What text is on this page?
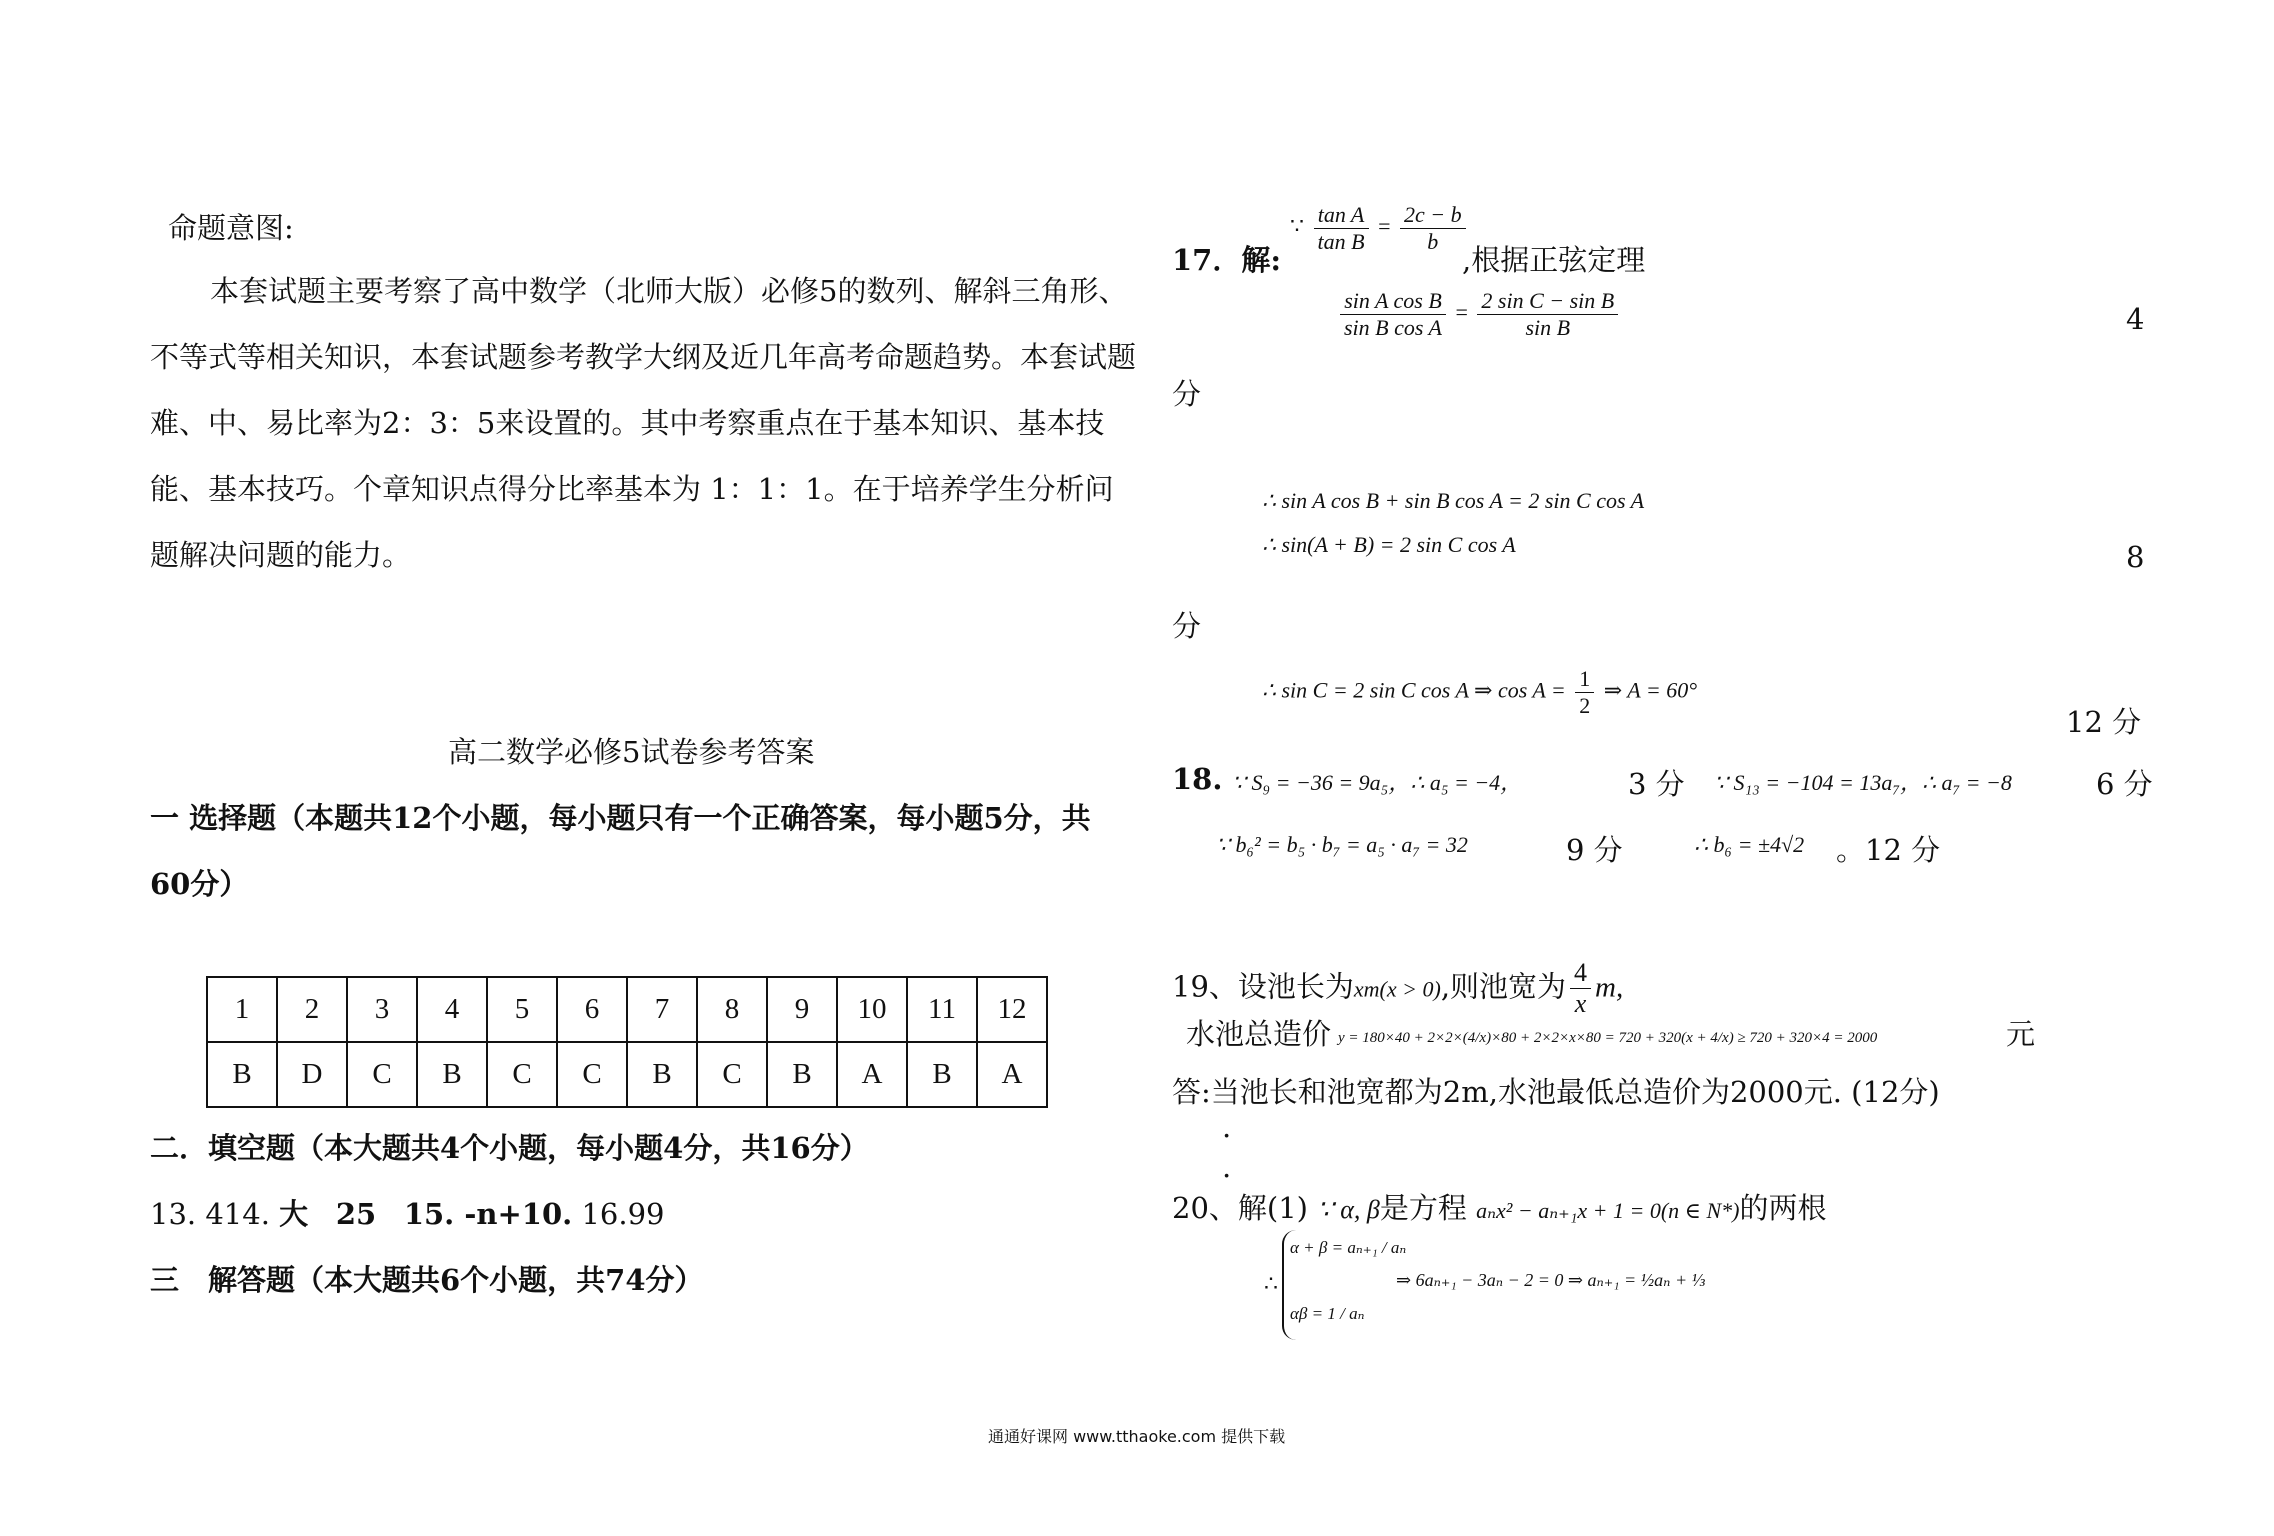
命题意图:
本套试题主要考察了高中数学（北师大版）必修5的数列、解斜三角形、不等式等相关知识，本套试题参考教学大纲及近几年高考命题趋势。本套试题难、中、易比率为2：3：5来设置的。其中考察重点在于基本知识、基本技能、基本技巧。个章知识点得分比率基本为 1：1：1。在于培养学生分析问题解决问题的能力。
高二数学必修5试卷参考答案
一 选择题（本题共12个小题，每小题只有一个正确答案，每小题5分，共
60分）
1	2	3	4	5	6	7	8	9	10	11	12
B	D	C	B	C	C	B	C	B	A	B	A
二．填空题（本大题共4个小题，每小题4分，共16分）
13. 414. 大 25 15. -n+10. 16.99
三　解答题（本大题共6个小题，共74分）
17．解:
∵ $\frac{\text{tan A}}{\text{tan B}} = \frac{2c - b}{b}$
,根据正弦定理
$\frac{\text{sin A cos B}}{\text{sin B cos A}} = \frac{\text{2 sin C − sin B}}{\text{sin B}}$	4
分
∴ sin A cos B + sin B cos A = 2 sin C cos A
∴ sin(A + B) = 2 sin C cos A	8
分
∴ sin C = 2 sin C cos A ⇒ $\cos A = \frac{1}{2}$ ⇒ A = 60°
12 分
18. ∵ S₉ = −36 = 9a₅，∴ a₅ = −4，	3 分 ∵ S₁₃ = −104 = 13a₇，∴ a₇ = −8	6 分
∵ b₆² = b₅ · b₇ = a₅ · a₇ = 32	9 分	∴ b₆ = ±4√2 。12 分
19、设池长为xm(x > 0),则池宽为 $\frac{4}{x} m$,
水池总造价 y = 180×40 + 2×2×(4/x)×80 + 2×2×x×80 = 720 + 320(x + 4/x) ≥ 720 + 320×4 = 2000	元
答:当池长和池宽都为2m,水池最低总造价为2000元. (12分)
.
.
20、解(1) ∵ α, β是方程 aₙx² − aₙ₊₁x + 1 = 0(n ∈ N*)的两根
∴
α + β = aₙ₊₁ / aₙ
αβ = 1 / aₙ
⇒ 6aₙ₊₁ − 3aₙ − 2 = 0 ⇒ aₙ₊₁ = ½aₙ + ⅓
通通好课网 www.tthaoke.com 提供下载
